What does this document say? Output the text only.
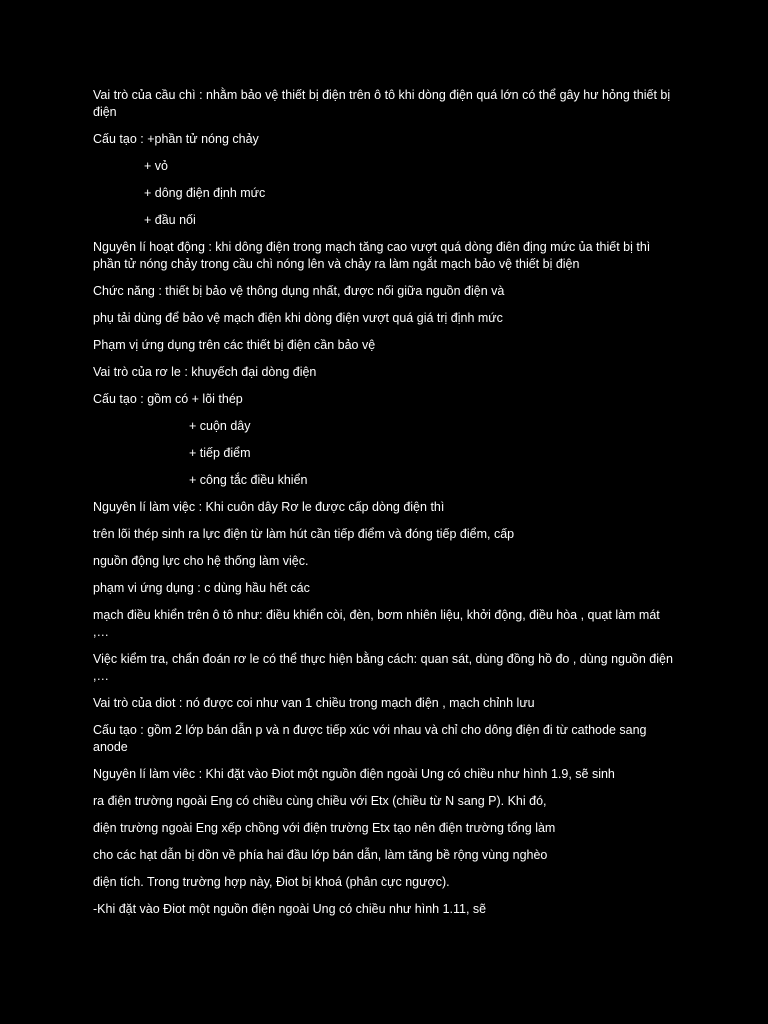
Vai trò của cầu chì : nhằm bảo vệ thiết bị điện trên ô tô khi dòng điện quá lớn có thể gây hư hỏng thiết bị điện

Cấu tạo : +phần tử nóng chảy

+ vỏ

+ dông điện định mức

+ đầu nối

Nguyên lí hoạt động : khi dông điện trong mạch tăng cao vượt quá dòng điên địng mức ủa thiết bị thì phần tử nóng chảy trong cầu chì nóng lên và chảy ra làm ngắt mạch bảo vệ thiết bị điện

Chức năng : thiết bị bảo vệ thông dụng nhất, được nối giữa nguồn điện và

phụ tải dùng để bảo vệ mạch điện khi dòng điện vượt quá giá trị định mức

Phạm vị ứng dụng trên các thiết bị điện cần bảo vệ

Vai trò của rơ le : khuyếch đại dòng điện

Cấu tạo : gồm có + lõi thép

+ cuộn dây

+ tiếp điểm

+ công tắc điều khiển

Nguyên lí làm việc : Khi cuôn dây Rơ le được cấp dòng điện thì

trên lõi thép sinh ra lực điện từ làm hút cần tiếp điểm và đóng tiếp điểm, cấp

nguồn động lực cho hệ thống làm việc.

phạm vi ứng dụng : c dùng hầu hết các

mạch điều khiển trên ô tô như: điều khiển còi, đèn, bơm nhiên liệu, khởi động, điều hòa , quạt làm mát ,…

Việc kiểm tra, chẩn đoán rơ le có thể thực hiện bằng cách: quan sát, dùng đồng hồ đo , dùng nguồn điện ,…

Vai trò của diot : nó được coi như van 1 chiều trong mạch điện , mạch chỉnh lưu

Cấu tạo : gồm 2 lớp bán dẫn p và n được tiếp xúc với nhau và chỉ cho dông điện đi từ cathode sang anode

Nguyên lí làm viêc : Khi đặt vào Điot một nguồn điện ngoài Ung có chiều như hình 1.9, sẽ sinh

ra điện trường ngoài Eng có chiều cùng chiều với Etx (chiều từ N sang P). Khi đó,

điện trường ngoài Eng xếp chồng với điện trường Etx tạo nên điện trường tổng làm

cho các hạt dẫn bị dồn về phía hai đầu lớp bán dẫn, làm tăng bề rộng vùng nghèo

điện tích. Trong trường hợp này, Điot bị khoá (phân cực ngược).

-Khi đặt vào Điot một nguồn điện ngoài Ung có chiều như hình 1.11, sẽ
